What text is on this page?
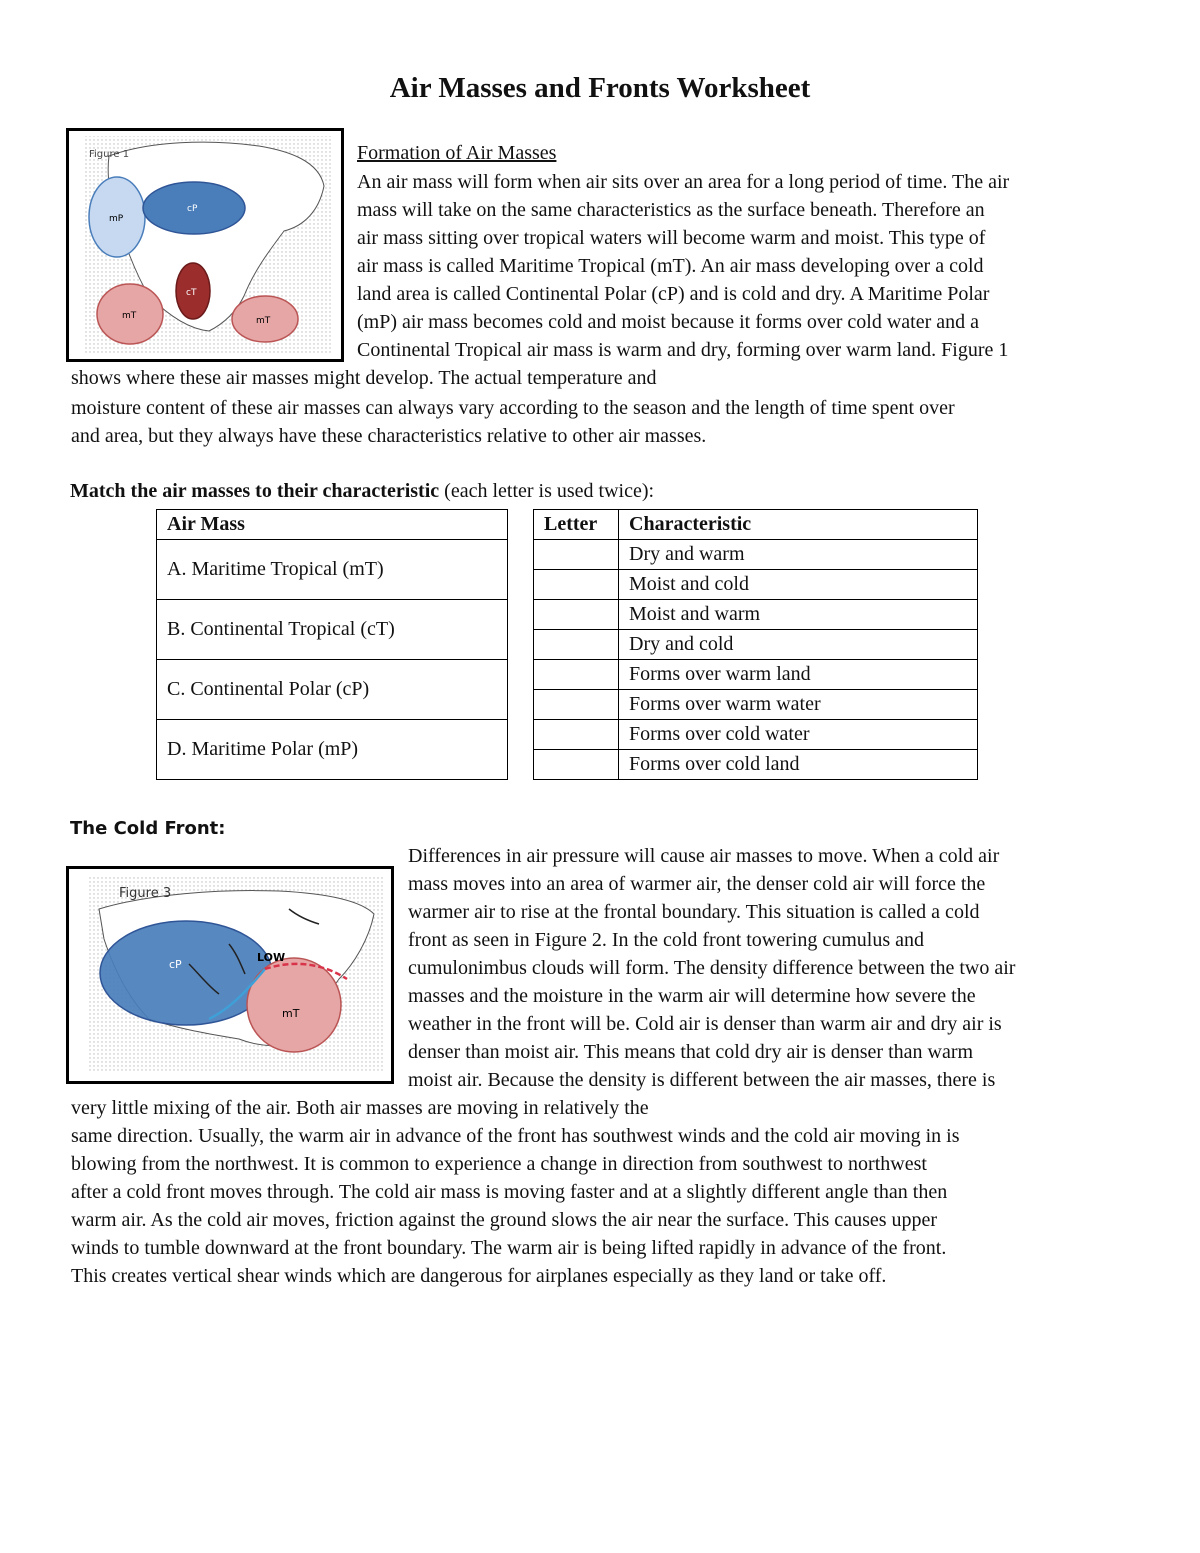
Air Masses and Fronts Worksheet
Figure 1
mP
cP
cT
mT	mT
Formation of Air Masses
An air mass will form when air sits over an area for a long period of time. The air
mass will take on the same characteristics as the surface beneath. Therefore an
air mass sitting over tropical waters will become warm and moist. This type of
air mass is called Maritime Tropical (mT). An air mass developing over a cold
land area is called Continental Polar (cP) and is cold and dry. A Maritime Polar
(mP) air mass becomes cold and moist because it forms over cold water and a
Continental Tropical air mass is warm and dry, forming over warm land. Figure 1
shows where these air masses might develop. The actual temperature and
moisture content of these air masses can always vary according to the season and the length of time spent over
and area, but they always have these characteristics relative to other air masses.
Match the air masses to their characteristic (each letter is used twice):
Air Mass
A. Maritime Tropical (mT)
B. Continental Tropical (cT)
C. Continental Polar (cP)
D. Maritime Polar (mP)
Letter	Characteristic
	Dry and warm
	Moist and cold
	Moist and warm
	Dry and cold
	Forms over warm land
	Forms over warm water
	Forms over cold water
	Forms over cold land
The Cold Front:
Figure 3
cP
mT
LOW
Differences in air pressure will cause air masses to move. When a cold air
mass moves into an area of warmer air, the denser cold air will force the
warmer air to rise at the frontal boundary. This situation is called a cold
front as seen in Figure 2. In the cold front towering cumulus and
cumulonimbus clouds will form. The density difference between the two air
masses and the moisture in the warm air will determine how severe the
weather in the front will be. Cold air is denser than warm air and dry air is
denser than moist air. This means that cold dry air is denser than warm
moist air. Because the density is different between the air masses, there is
very little mixing of the air. Both air masses are moving in relatively the
same direction. Usually, the warm air in advance of the front has southwest winds and the cold air moving in is
blowing from the northwest. It is common to experience a change in direction from southwest to northwest
after a cold front moves through. The cold air mass is moving faster and at a slightly different angle than then
warm air. As the cold air moves, friction against the ground slows the air near the surface. This causes upper
winds to tumble downward at the front boundary. The warm air is being lifted rapidly in advance of the front.
This creates vertical shear winds which are dangerous for airplanes especially as they land or take off.
